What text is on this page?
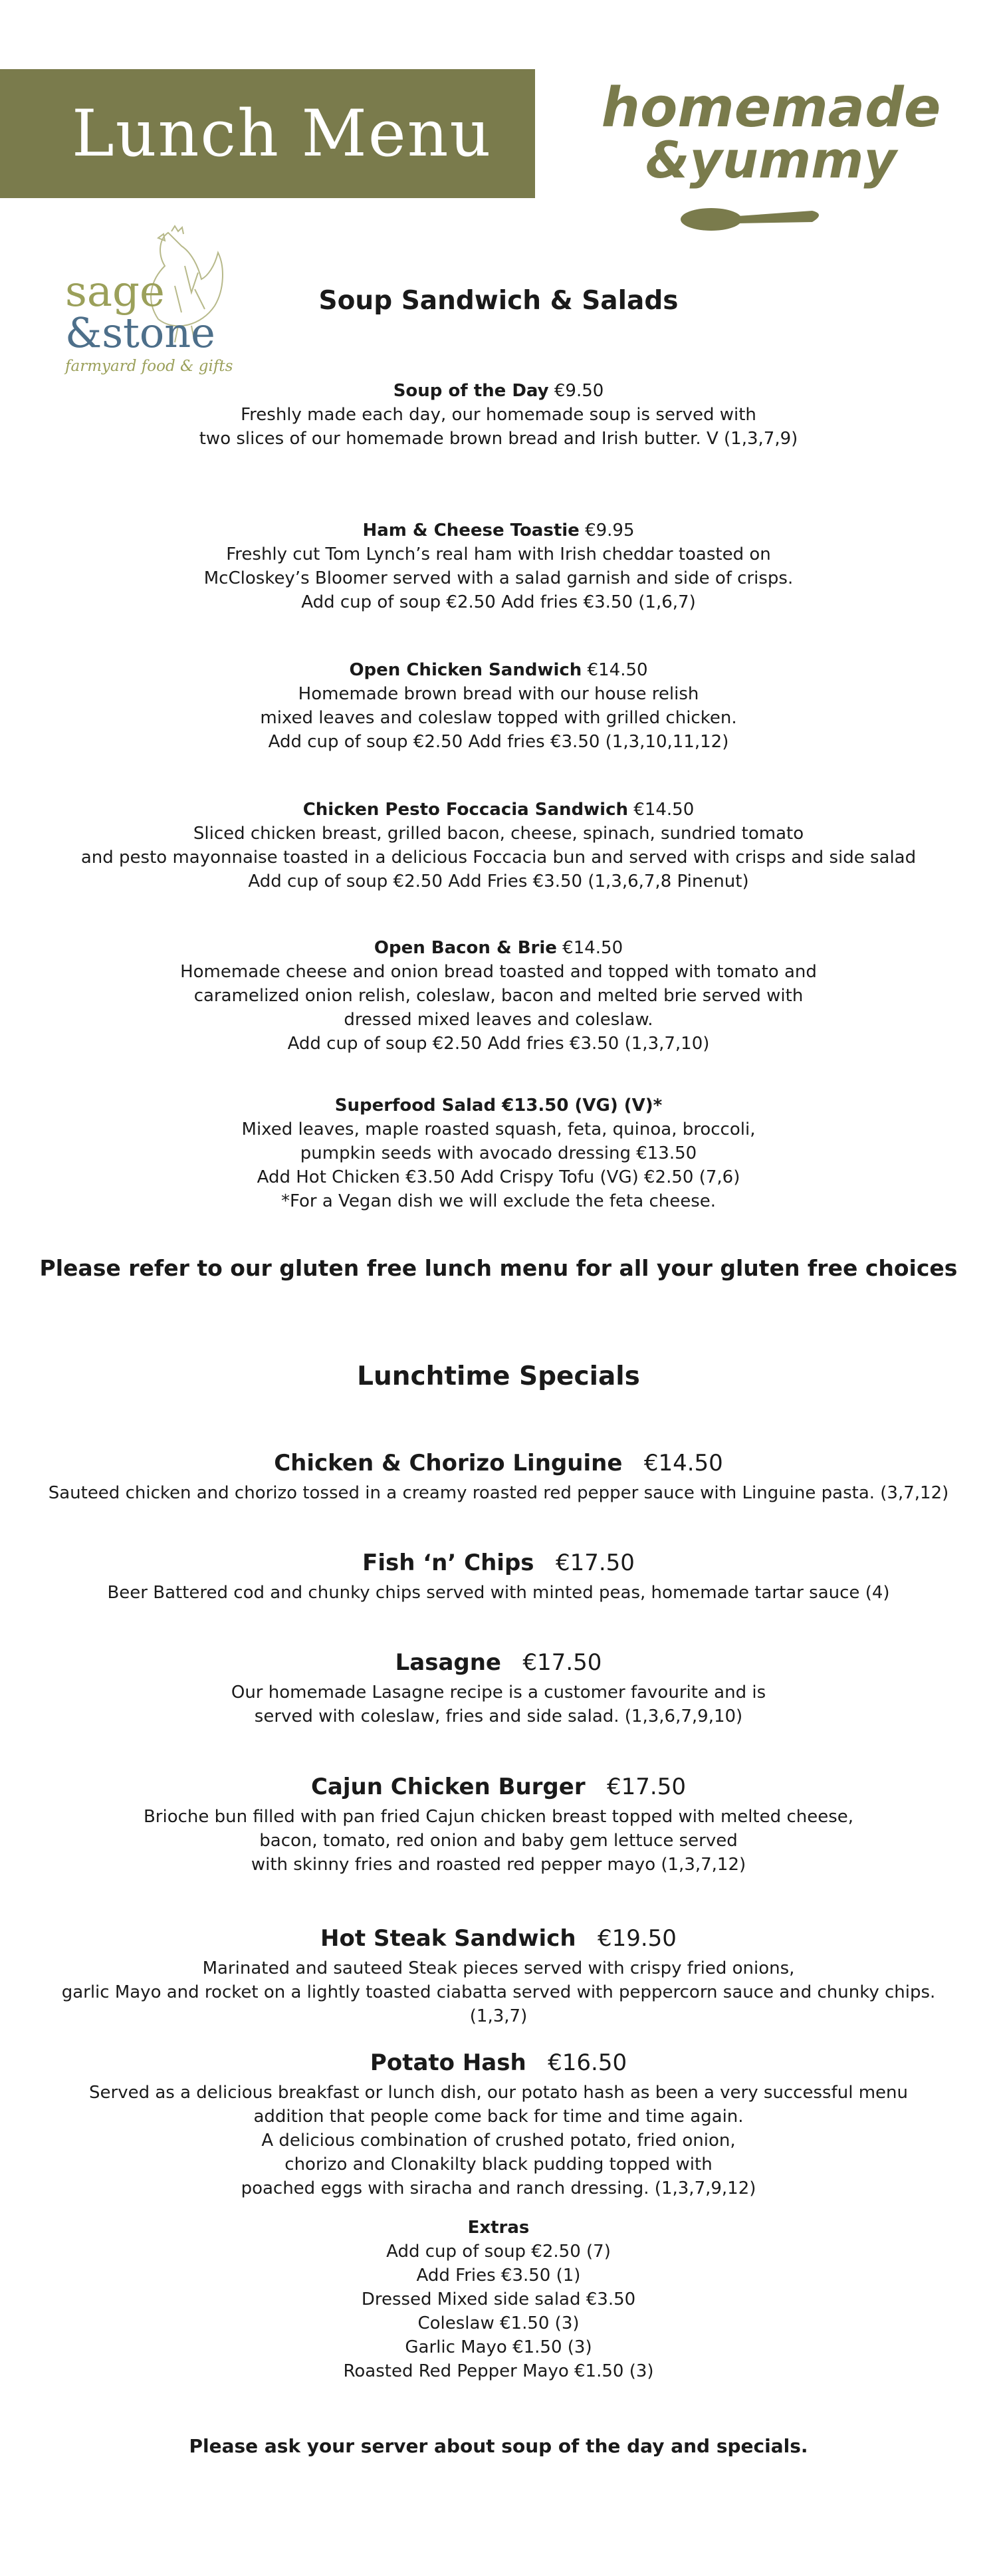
Lunch Menu homemade
&yummy
sage
&stone
farmyard food & gifts
Soup Sandwich & Salads
Soup of the Day €9.50
Freshly made each day, our homemade soup is served with
two slices of our homemade brown bread and Irish butter. V (1,3,7,9)
Ham & Cheese Toastie €9.95
Freshly cut Tom Lynch’s real ham with Irish cheddar toasted on
McCloskey’s Bloomer served with a salad garnish and side of crisps.
Add cup of soup €2.50 Add fries €3.50 (1,6,7)
Open Chicken Sandwich €14.50
Homemade brown bread with our house relish
mixed leaves and coleslaw topped with grilled chicken.
Add cup of soup €2.50 Add fries €3.50 (1,3,10,11,12)
Chicken Pesto Foccacia Sandwich €14.50
Sliced chicken breast, grilled bacon, cheese, spinach, sundried tomato
and pesto mayonnaise toasted in a delicious Foccacia bun and served with crisps and side salad
Add cup of soup €2.50 Add Fries €3.50 (1,3,6,7,8 Pinenut)
Open Bacon & Brie €14.50
Homemade cheese and onion bread toasted and topped with tomato and
caramelized onion relish, coleslaw, bacon and melted brie served with
dressed mixed leaves and coleslaw.
Add cup of soup €2.50 Add fries €3.50 (1,3,7,10)
Superfood Salad €13.50 (VG) (V)*
Mixed leaves, maple roasted squash, feta, quinoa, broccoli,
pumpkin seeds with avocado dressing €13.50
Add Hot Chicken €3.50 Add Crispy Tofu (VG) €2.50 (7,6)
*For a Vegan dish we will exclude the feta cheese.
Please refer to our gluten free lunch menu for all your gluten free choices
Lunchtime Specials
Chicken & Chorizo Linguine   €14.50
Sauteed chicken and chorizo tossed in a creamy roasted red pepper sauce with Linguine pasta. (3,7,12)
Fish ‘n’ Chips   €17.50
Beer Battered cod and chunky chips served with minted peas, homemade tartar sauce (4)
Lasagne   €17.50
Our homemade Lasagne recipe is a customer favourite and is
served with coleslaw, fries and side salad. (1,3,6,7,9,10)
Cajun Chicken Burger   €17.50
Brioche bun filled with pan fried Cajun chicken breast topped with melted cheese,
bacon, tomato, red onion and baby gem lettuce served
with skinny fries and roasted red pepper mayo (1,3,7,12)
Hot Steak Sandwich   €19.50
Marinated and sauteed Steak pieces served with crispy fried onions,
garlic Mayo and rocket on a lightly toasted ciabatta served with peppercorn sauce and chunky chips. (1,3,7)
Potato Hash   €16.50
Served as a delicious breakfast or lunch dish, our potato hash as been a very successful menu
addition that people come back for time and time again.
A delicious combination of crushed potato, fried onion,
chorizo and Clonakilty black pudding topped with
poached eggs with siracha and ranch dressing. (1,3,7,9,12)
Extras
Add cup of soup €2.50 (7)
Add Fries €3.50 (1)
Dressed Mixed side salad €3.50
Coleslaw €1.50 (3)
Garlic Mayo €1.50 (3)
Roasted Red Pepper Mayo €1.50 (3)
Please ask your server about soup of the day and specials.
